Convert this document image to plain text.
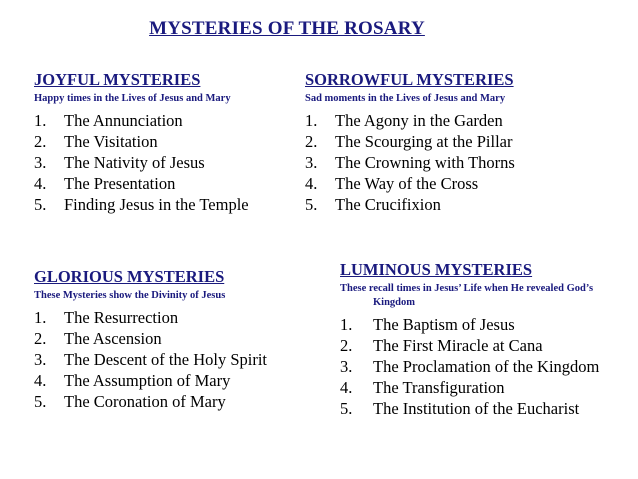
MYSTERIES OF THE ROSARY
JOYFUL MYSTERIES
Happy times in the Lives of Jesus and Mary
1.	The Annunciation
2.	The Visitation
3.	The Nativity of Jesus
4.	The Presentation
5.	Finding Jesus in the Temple
SORROWFUL MYSTERIES
Sad moments in the Lives of Jesus and Mary
1.	The Agony in the Garden
2.	The Scourging at the Pillar
3.	The Crowning with Thorns
4.	The Way of the Cross
5.	The Crucifixion
GLORIOUS MYSTERIES
These Mysteries show the Divinity of Jesus
1.	The Resurrection
2.	The Ascension
3.	The Descent of the Holy Spirit
4.	The Assumption of Mary
5.	The Coronation of Mary
LUMINOUS MYSTERIES
These recall times in Jesus’ Life when He revealed God’s Kingdom
1.	The Baptism of Jesus
2.	The First Miracle at Cana
3.	The Proclamation of the Kingdom
4.	The Transfiguration
5.	The Institution of the Eucharist
